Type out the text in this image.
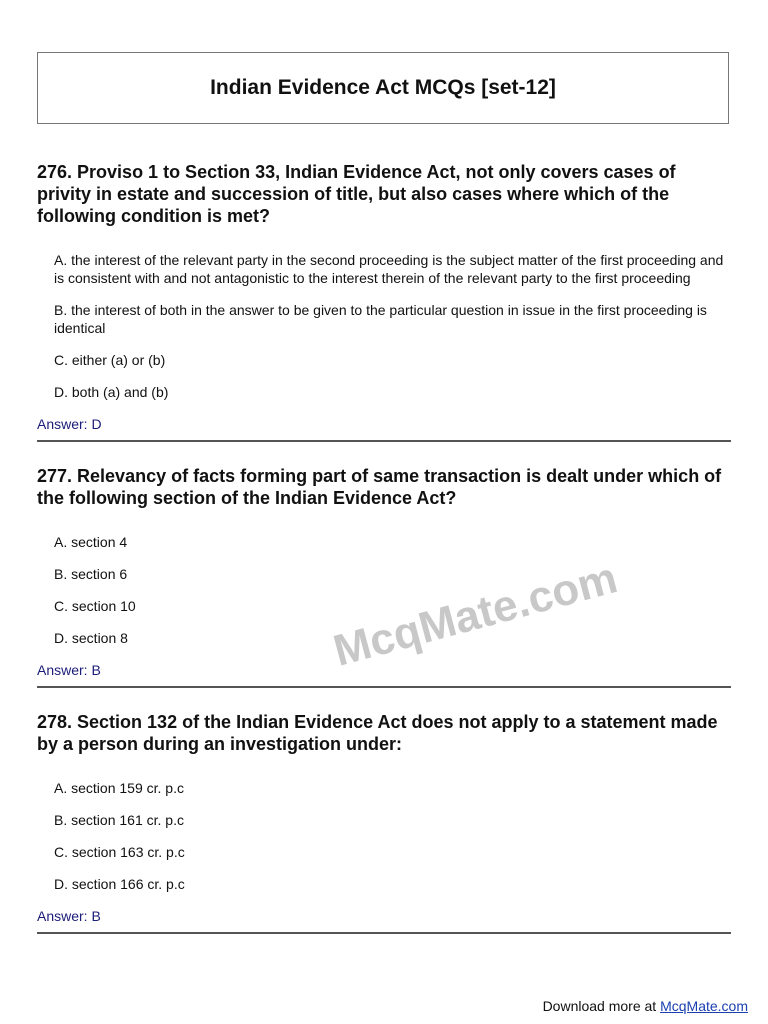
Indian Evidence Act MCQs [set-12]

276. Proviso 1 to Section 33, Indian Evidence Act, not only covers cases of privity in estate and succession of title, but also cases where which of the following condition is met?

A. the interest of the relevant party in the second proceeding is the subject matter of the first proceeding and is consistent with and not antagonistic to the interest therein of the relevant party to the first proceeding

B. the interest of both in the answer to be given to the particular question in issue in the first proceeding is identical

C. either (a) or (b)

D. both (a) and (b)

Answer: D

277. Relevancy of facts forming part of same transaction is dealt under which of the following section of the Indian Evidence Act?

A. section 4

B. section 6

C. section 10

D. section 8

Answer: B

278. Section 132 of the Indian Evidence Act does not apply to a statement made by a person during an investigation under:

A. section 159 cr. p.c

B. section 161 cr. p.c

C. section 163 cr. p.c

D. section 166 cr. p.c

Answer: B

McqMate.com
Download more at McqMate.com
